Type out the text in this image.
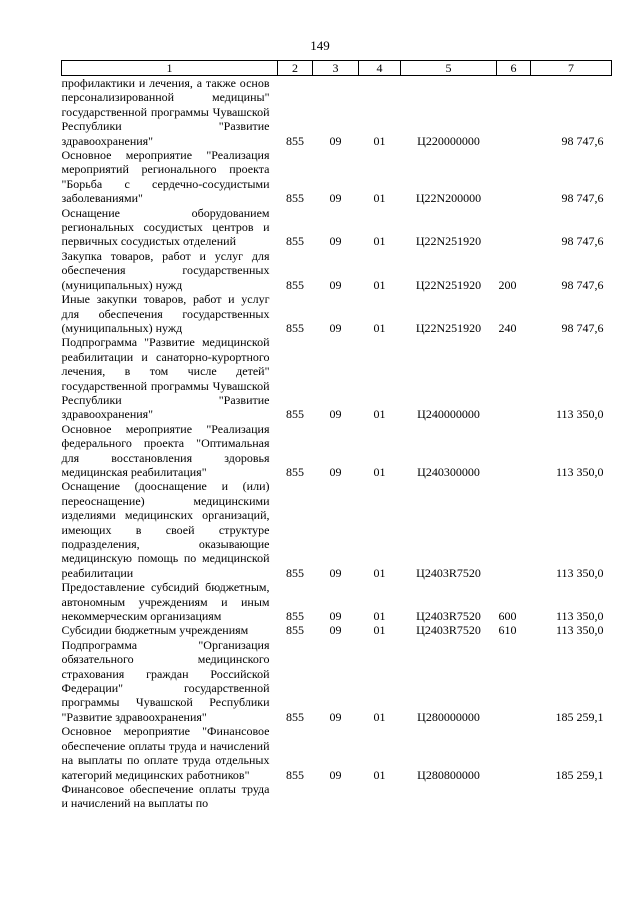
149
1	2	3	4	5	6	7
профилактики и лечения, а также основ персонализированной медицины" государственной программы Чувашской Республики "Развитие здравоохранения"	855	09	01	Ц220000000		98 747,6
Основное мероприятие "Реализация мероприятий регионального проекта "Борьба с сердечно-сосудистыми заболеваниями"	855	09	01	Ц22N200000		98 747,6
Оснащение оборудованием региональных сосудистых центров и первичных сосудистых отделений	855	09	01	Ц22N251920		98 747,6
Закупка товаров, работ и услуг для обеспечения государственных (муниципальных) нужд	855	09	01	Ц22N251920	200	98 747,6
Иные закупки товаров, работ и услуг для обеспечения государственных (муниципальных) нужд	855	09	01	Ц22N251920	240	98 747,6
Подпрограмма "Развитие медицинской реабилитации и санаторно-курортного лечения, в том числе детей" государственной программы Чувашской Республики "Развитие здравоохранения"	855	09	01	Ц240000000		113 350,0
Основное мероприятие "Реализация федерального проекта "Оптимальная для восстановления здоровья медицинская реабилитация"	855	09	01	Ц240300000		113 350,0
Оснащение (дооснащение и (или) переоснащение) медицинскими изделиями медицинских организаций, имеющих в своей структуре подразделения, оказывающие медицинскую помощь по медицинской реабилитации	855	09	01	Ц2403R7520		113 350,0
Предоставление субсидий бюджетным, автономным учреждениям и иным некоммерческим организациям	855	09	01	Ц2403R7520	600	113 350,0
Субсидии бюджетным учреждениям	855	09	01	Ц2403R7520	610	113 350,0
Подпрограмма "Организация обязательного медицинского страхования граждан Российской Федерации" государственной программы Чувашской Республики "Развитие здравоохранения"	855	09	01	Ц280000000		185 259,1
Основное мероприятие "Финансовое обеспечение оплаты труда и начислений на выплаты по оплате труда отдельных категорий медицинских работников"	855	09	01	Ц280800000		185 259,1
Финансовое обеспечение оплаты труда и начислений на выплаты по						
